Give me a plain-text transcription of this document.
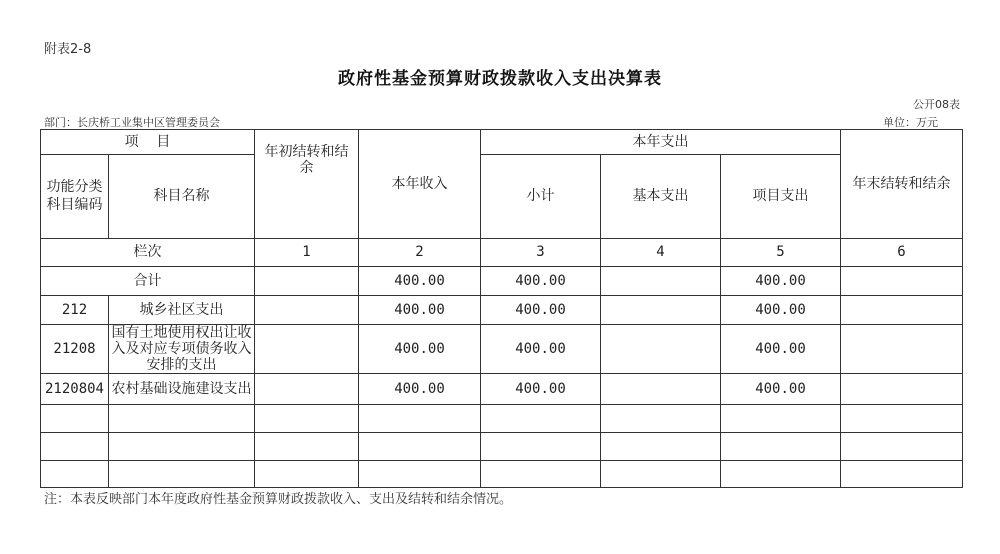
附表2-8
政府性基金预算财政拨款收入支出决算表
公开08表
部门：长庆桥工业集中区管理委员会	单位：万元
项    目		年初结转和结余	本年收入	本年支出			年末结转和结余
功能分类
科目编码	科目名称			小计	基本支出	项目支出	
栏次		1	2	3	4	5	6
合计			400.00	400.00		400.00	
212	城乡社区支出		400.00	400.00		400.00	
21208	国有土地使用权出让收入及对应专项债务收入安排的支出		400.00	400.00		400.00	
2120804	农村基础设施建设支出		400.00	400.00		400.00	

注：本表反映部门本年度政府性基金预算财政拨款收入、支出及结转和结余情况。
